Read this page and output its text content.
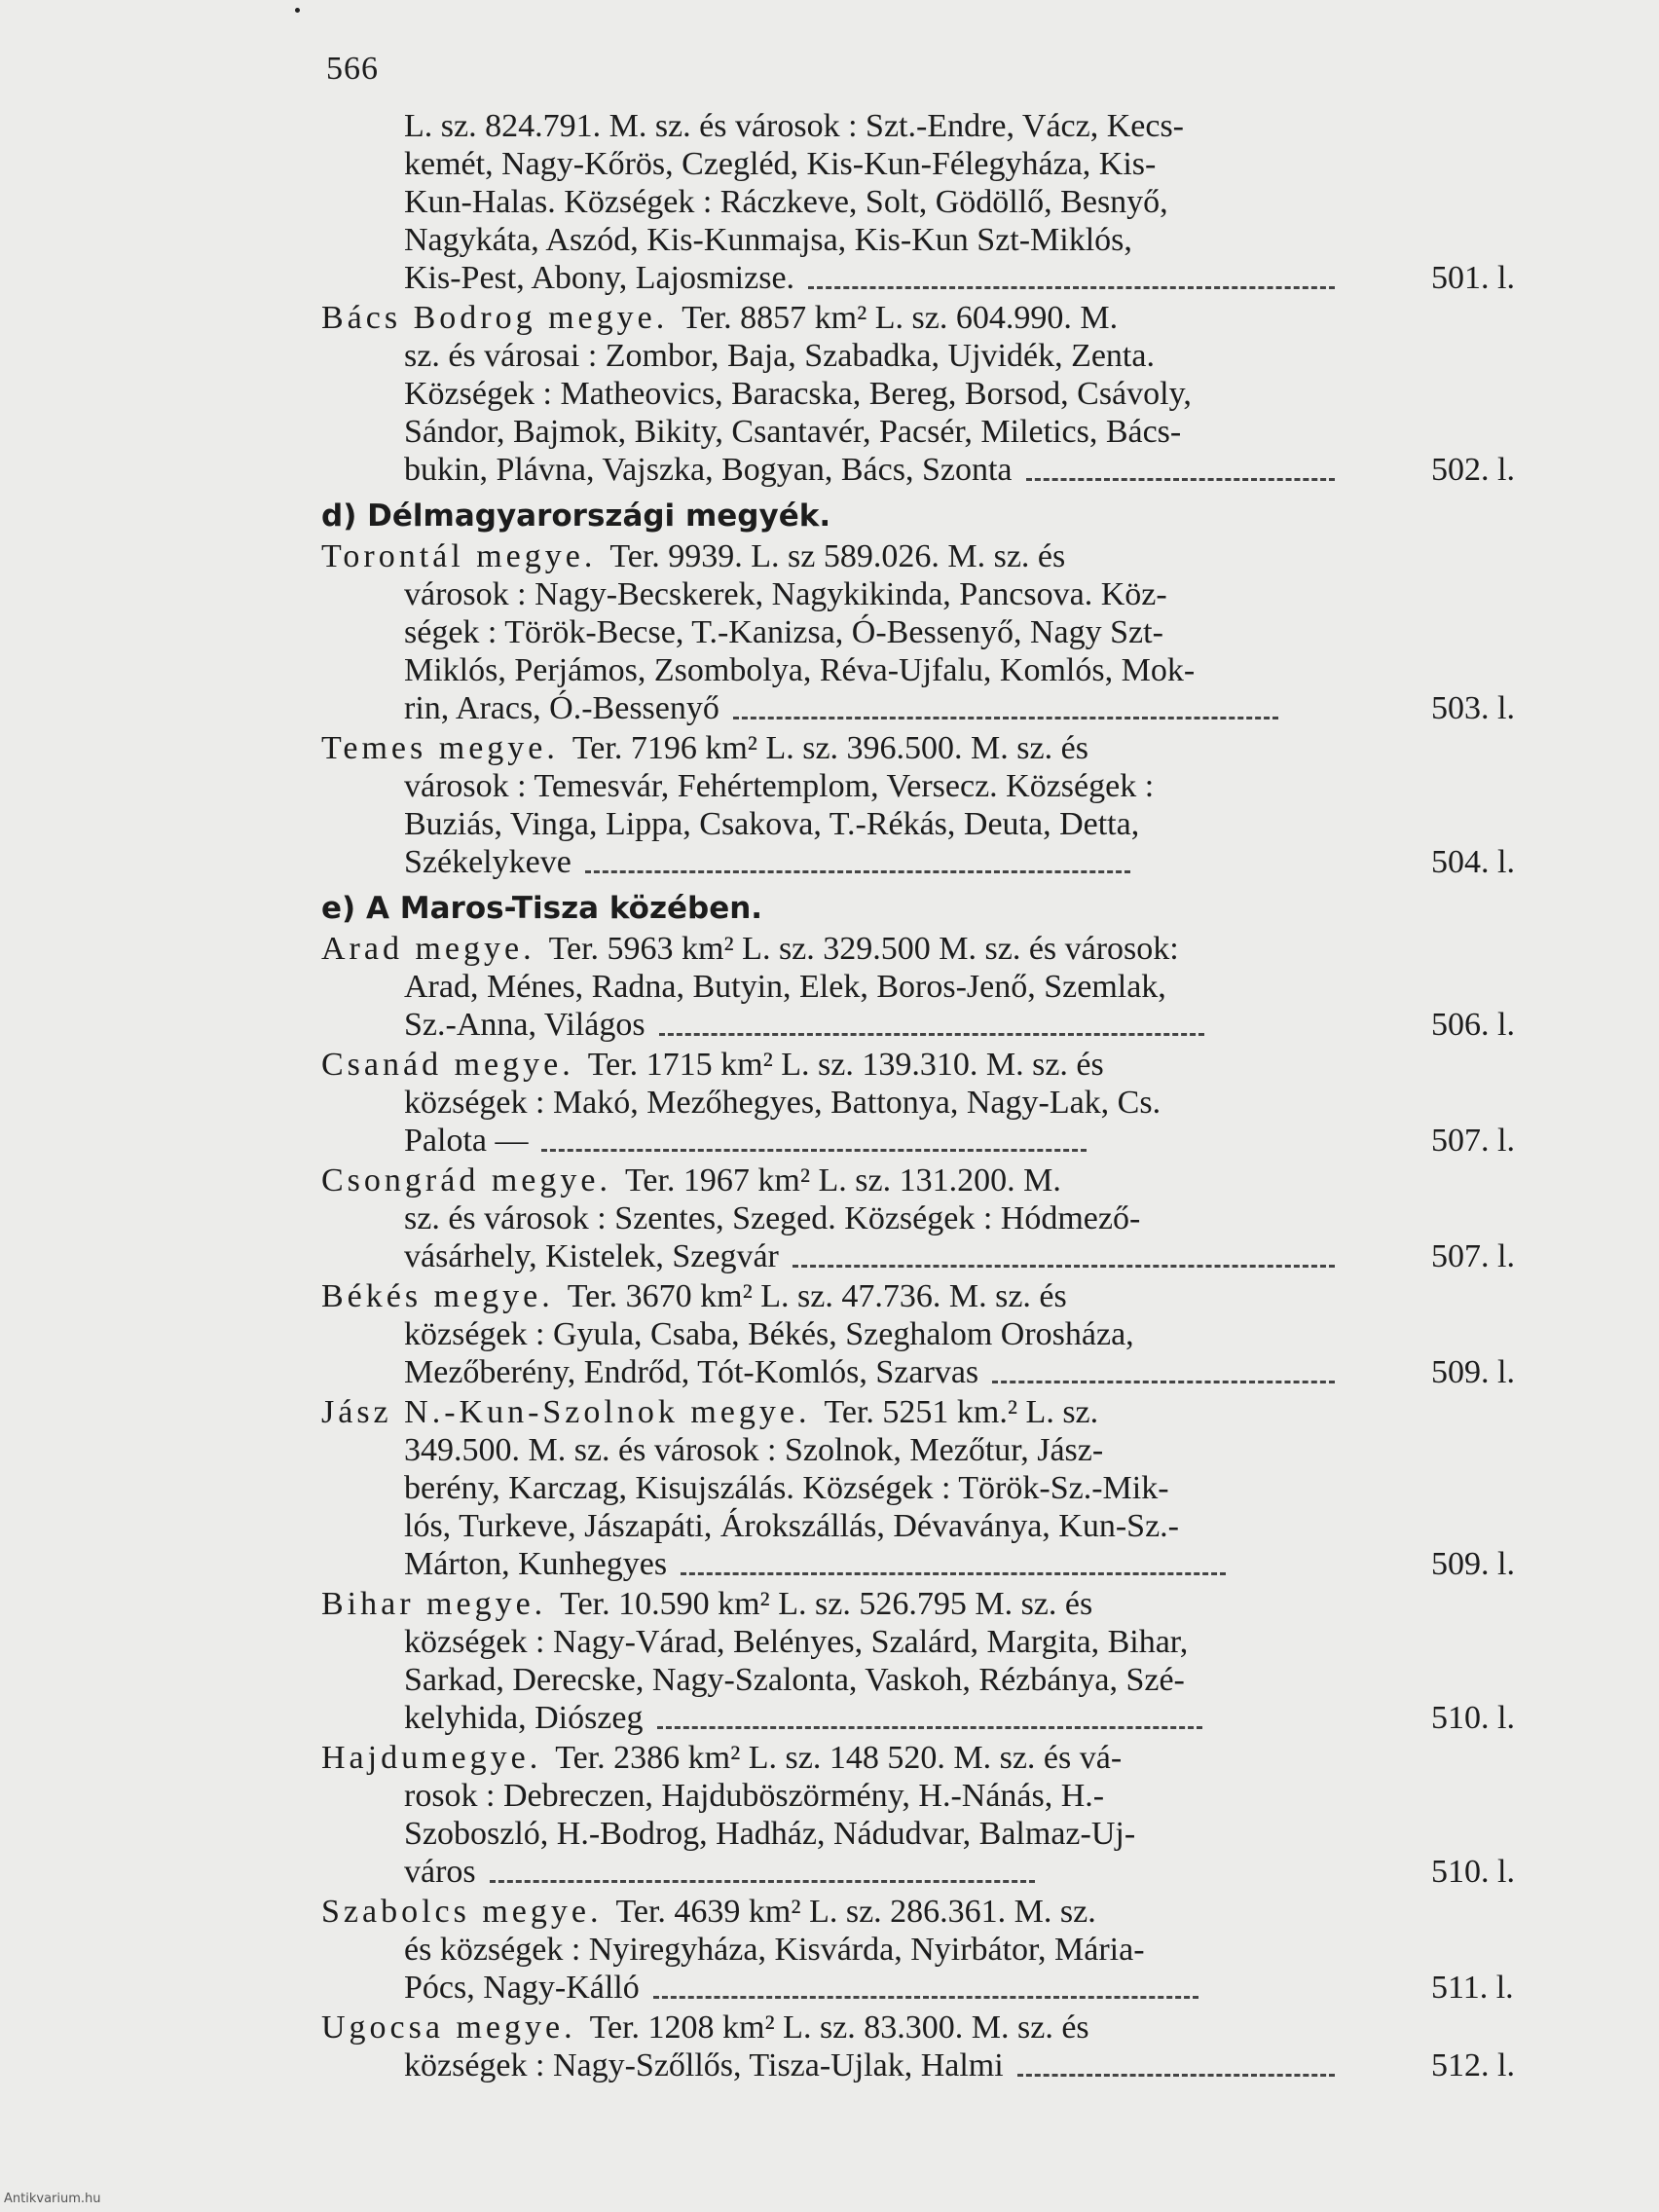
566
L. sz. 824.791. M. sz. és városok : Szt.-Endre, Vácz, Kecs-
kemét, Nagy-Kőrös, Czegléd, Kis-Kun-Félegyháza, Kis-
Kun-Halas. Községek : Ráczkeve, Solt, Gödöllő, Besnyő,
Nagykáta, Aszód, Kis-Kunmajsa, Kis-Kun Szt-Miklós,
Kis-Pest, Abony, Lajosmizse.	501. l.
Bács Bodrog megye. Ter. 8857 km² L. sz. 604.990. M.
sz. és városai : Zombor, Baja, Szabadka, Ujvidék, Zenta.
Községek : Matheovics, Baracska, Bereg, Borsod, Csávoly,
Sándor, Bajmok, Bikity, Csantavér, Pacsér, Miletics, Bács-
bukin, Plávna, Vajszka, Bogyan, Bács, Szonta	502. l.
d) Délmagyarországi megyék.
Torontál megye. Ter. 9939. L. sz 589.026. M. sz. és
városok : Nagy-Becskerek, Nagykikinda, Pancsova. Köz-
ségek : Török-Becse, T.-Kanizsa, Ó-Bessenyő, Nagy Szt-
Miklós, Perjámos, Zsombolya, Réva-Ujfalu, Komlós, Mok-
rin, Aracs, Ó.-Bessenyő	503. l.
Temes megye. Ter. 7196 km² L. sz. 396.500. M. sz. és
városok : Temesvár, Fehértemplom, Versecz. Községek :
Buziás, Vinga, Lippa, Csakova, T.-Rékás, Deuta, Detta,
Székelykeve	504. l.
e) A Maros-Tisza közében.
Arad megye. Ter. 5963 km² L. sz. 329.500 M. sz. és városok:
Arad, Ménes, Radna, Butyin, Elek, Boros-Jenő, Szemlak,
Sz.-Anna, Világos	506. l.
Csanád megye. Ter. 1715 km² L. sz. 139.310. M. sz. és
községek : Makó, Mezőhegyes, Battonya, Nagy-Lak, Cs.
Palota —	507. l.
Csongrád megye. Ter. 1967 km² L. sz. 131.200. M.
sz. és városok : Szentes, Szeged. Községek : Hódmező-
vásárhely, Kistelek, Szegvár	507. l.
Békés megye. Ter. 3670 km² L. sz. 47.736. M. sz. és
községek : Gyula, Csaba, Békés, Szeghalom Orosháza,
Mezőberény, Endrőd, Tót-Komlós, Szarvas	509. l.
Jász N.-Kun-Szolnok megye. Ter. 5251 km.² L. sz.
349.500. M. sz. és városok : Szolnok, Mezőtur, Jász-
berény, Karczag, Kisujszálás. Községek : Török-Sz.-Mik-
lós, Turkeve, Jászapáti, Árokszállás, Dévaványa, Kun-Sz.-
Márton, Kunhegyes	509. l.
Bihar megye. Ter. 10.590 km² L. sz. 526.795 M. sz. és
községek : Nagy-Várad, Belényes, Szalárd, Margita, Bihar,
Sarkad, Derecske, Nagy-Szalonta, Vaskoh, Rézbánya, Szé-
kelyhida, Diószeg	510. l.
Hajdumegye. Ter. 2386 km² L. sz. 148 520. M. sz. és vá-
rosok : Debreczen, Hajduböszörmény, H.-Nánás, H.-
Szoboszló, H.-Bodrog, Hadház, Nádudvar, Balmaz-Uj-
város	510. l.
Szabolcs megye. Ter. 4639 km² L. sz. 286.361. M. sz.
és községek : Nyiregyháza, Kisvárda, Nyirbátor, Mária-
Pócs, Nagy-Kálló	511. l.
Ugocsa megye. Ter. 1208 km² L. sz. 83.300. M. sz. és
községek : Nagy-Szőllős, Tisza-Ujlak, Halmi	512. l.
Antikvarium.hu
